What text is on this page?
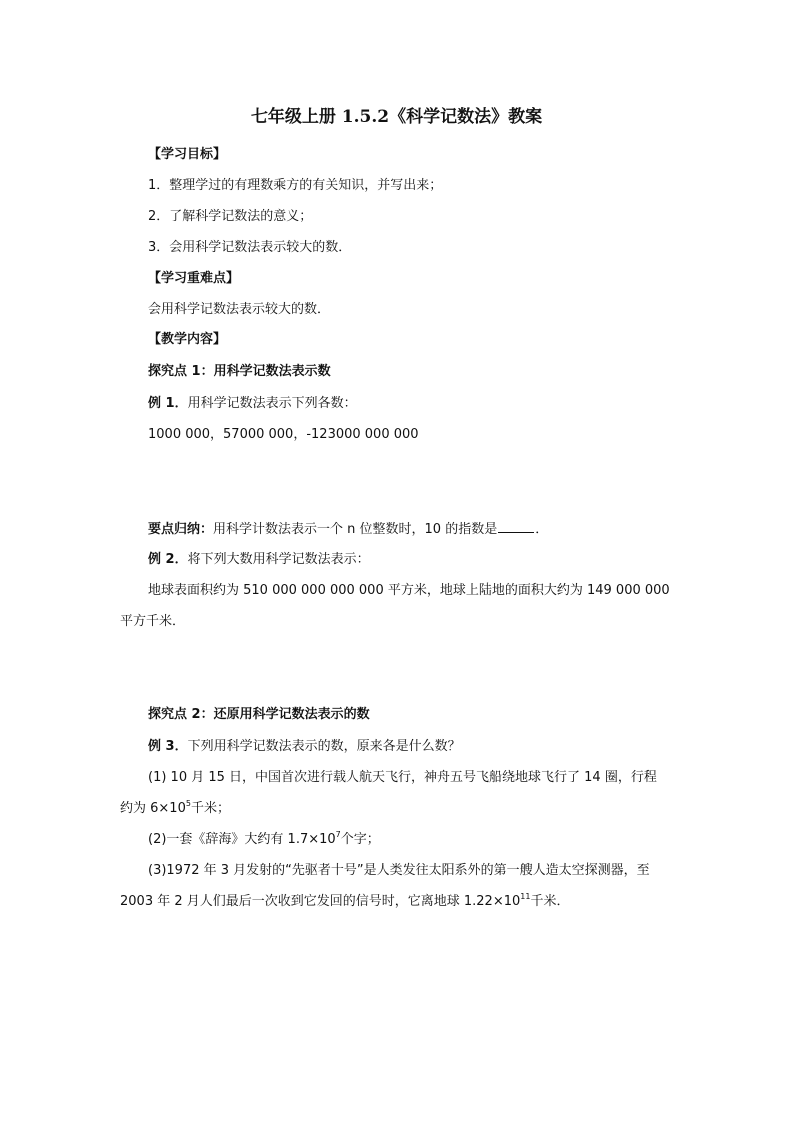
七年级上册 1.5.2《科学记数法》教案
【学习目标】
1．整理学过的有理数乘方的有关知识，并写出来；
2．了解科学记数法的意义；
3．会用科学记数法表示较大的数．
【学习重难点】
会用科学记数法表示较大的数．
【教学内容】
探究点 1：用科学记数法表示数
例 1．用科学记数法表示下列各数：
1000 000，57000 000，-123000 000 000
要点归纳：用科学计数法表示一个 n 位整数时，10 的指数是	．
例 2．将下列大数用科学记数法表示：
地球表面积约为 510 000 000 000 000 平方米，地球上陆地的面积大约为 149 000 000
平方千米．
探究点 2：还原用科学记数法表示的数
例 3．下列用科学记数法表示的数，原来各是什么数？
(1) 10 月 15 日，中国首次进行载人航天飞行，神舟五号飞船绕地球飞行了 14 圈，行程
约为 $6\times 10^5$千米；
(2)一套《辞海》大约有 $1.7\times 10^7$个字；
(3)1972 年 3 月发射的“先驱者十号”是人类发往太阳系外的第一艘人造太空探测器，至
2003 年 2 月人们最后一次收到它发回的信号时，它离地球 $1.22\times 10^{11}$千米．
